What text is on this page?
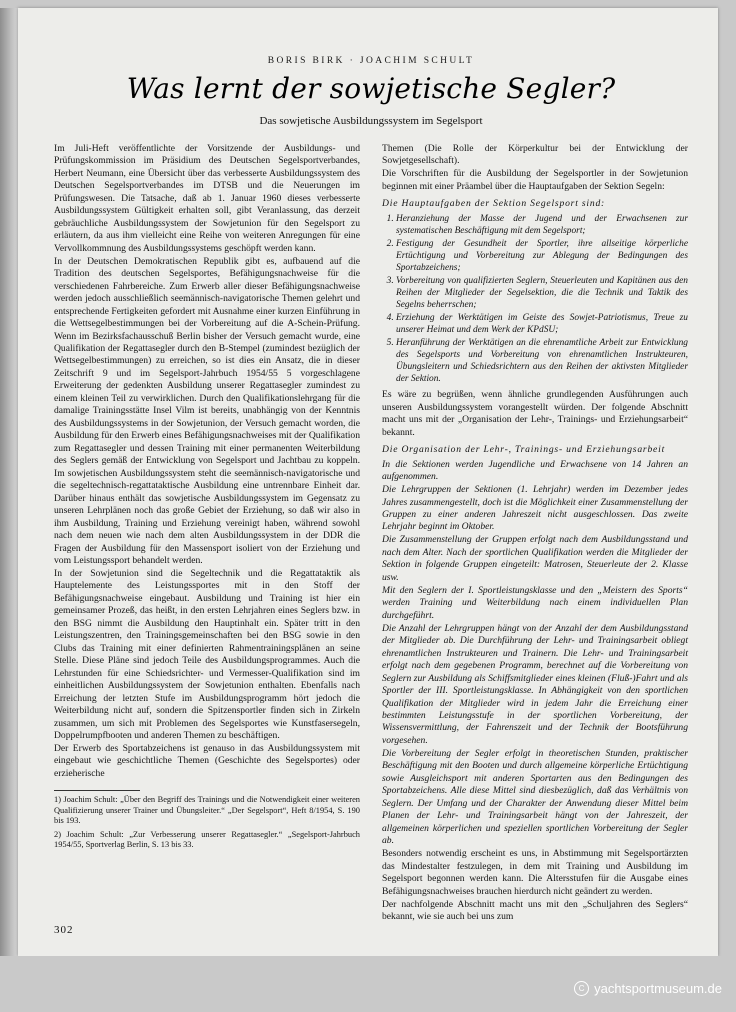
BORIS BIRK · JOACHIM SCHULT
Was lernt der sowjetische Segler?
Das sowjetische Ausbildungssystem im Segelsport

Im Juli-Heft veröffentlichte der Vorsitzende der Ausbildungs- und Prüfungskommission im Präsidium des Deutschen Segelsportverbandes, Herbert Neumann, eine Übersicht über das verbesserte Ausbildungssystem des Deutschen Segelsportverbandes im DTSB und die Neuerungen im Prüfungswesen. Die Tatsache, daß ab 1. Januar 1960 dieses verbesserte Ausbildungssystem Gültigkeit erhalten soll, gibt Veranlassung, das derzeit gebräuchliche Ausbildungssystem der Sowjetunion für den Segelsport zu erläutern, da aus ihm vielleicht eine Reihe von weiteren Anregungen für eine Vervollkommnung des Ausbildungssystems geschöpft werden kann.

In der Deutschen Demokratischen Republik gibt es, aufbauend auf die Tradition des deutschen Segelsportes, Befähigungsnachweise für die verschiedenen Fahrbereiche. Zum Erwerb aller dieser Befähigungsnachweise werden jedoch ausschließlich seemännisch-navigatorische Themen gelehrt und entsprechende Fertigkeiten gefordert mit Ausnahme einer kurzen Einführung in die Wettsegelbestimmungen bei der Vorbereitung auf die A-Schein-Prüfung. Wenn im Bezirksfachausschuß Berlin bisher der Versuch gemacht wurde, eine Qualifikation der Regattasegler durch den B-Stempel (zumindest bezüglich der Wettsegelbestimmungen) zu erreichen, so ist dies ein Ansatz, die in dieser Zeitschrift 9 und im Segelsport-Jahrbuch 1954/55 5 vorgeschlagene Erweiterung der gedenkten Ausbildung unserer Regattasegler zumindest zu einem kleinen Teil zu verwirklichen. Durch den Qualifikationslehrgang für die damalige Trainingsstätte Insel Vilm ist bereits, unabhängig von der Kenntnis des Ausbildungssystems in der Sowjetunion, der Versuch gemacht worden, die Ausbildung für den Erwerb eines Befähigungsnachweises mit der Qualifikation zum Regattasegler und dessen Training mit einer permanenten Weiterbildung des Seglers gemäß der Entwicklung von Segelsport und Jachtbau zu koppeln. Im sowjetischen Ausbildungssystem steht die seemännisch-navigatorische und die segeltechnisch-regattataktische Ausbildung eine untrennbare Einheit dar. Darüber hinaus enthält das sowjetische Ausbildungssystem im Gegensatz zu unseren Lehrplänen noch das große Gebiet der Erziehung, so daß wir also in ihm Ausbildung, Training und Erziehung vereinigt haben, während sowohl nach dem neuen wie nach dem alten Ausbildungssystem in der DDR die Fragen der Ausbildung für den Massensport isoliert von der Erziehung und vom Leistungssport behandelt werden.

In der Sowjetunion sind die Segeltechnik und die Regattataktik als Hauptelemente des Leistungssportes mit in den Stoff der Befähigungsnachweise eingebaut. Ausbildung und Training ist hier ein gemeinsamer Prozeß, das heißt, in den ersten Lehrjahren eines Seglers bzw. in den BSG nimmt die Ausbildung den Hauptinhalt ein. Später tritt in den Leistungszentren, den Trainingsgemeinschaften bei den BSG sowie in den Clubs das Training mit einer definierten Rahmentrainingsplänen an seine Stelle. Diese Pläne sind jedoch Teile des Ausbildungsprogrammes. Auch die Lehrstunden für eine Schiedsrichter- und Vermesser-Qualifikation sind im einheitlichen Ausbildungssystem der Sowjetunion enthalten. Ebenfalls nach Erreichung der letzten Stufe im Ausbildungsprogramm hört jedoch die Weiterbildung nicht auf, sondern die Spitzensportler finden sich in Zirkeln zusammen, um sich mit Problemen des Segelsportes wie Kunstfasersegeln, Doppelrumpfbooten und anderen Themen zu beschäftigen.

Der Erwerb des Sportabzeichens ist genauso in das Ausbildungssystem mit eingebaut wie geschichtliche Themen (Geschichte des Segelsportes) oder erzieherische

1) Joachim Schult: „Über den Begriff des Trainings und die Notwendigkeit einer weiteren Qualifizierung unserer Trainer und Übungsleiter.“ „Der Segelsport“, Heft 8/1954, S. 190 bis 193.

2) Joachim Schult: „Zur Verbesserung unserer Regattasegler.“ „Segelsport-Jahrbuch 1954/55, Sportverlag Berlin, S. 13 bis 33.

Themen (Die Rolle der Körperkultur bei der Entwicklung der Sowjetgesellschaft).

Die Vorschriften für die Ausbildung der Segelsportler in der Sowjetunion beginnen mit einer Präambel über die Hauptaufgaben der Sektion Segeln:

Die Hauptaufgaben der Sektion Segelsport sind:
1. Heranziehung der Masse der Jugend und der Erwachsenen zur systematischen Beschäftigung mit dem Segelsport;
2. Festigung der Gesundheit der Sportler, ihre allseitige körperliche Ertüchtigung und Vorbereitung zur Ablegung der Bedingungen des Sportabzeichens;
3. Vorbereitung von qualifizierten Seglern, Steuerleuten und Kapitänen aus den Reihen der Mitglieder der Segelsektion, die die Technik und Taktik des Segelns beherrschen;
4. Erziehung der Werktätigen im Geiste des Sowjet-Patriotismus, Treue zu unserer Heimat und dem Werk der KPdSU;
5. Heranführung der Werktätigen an die ehrenamtliche Arbeit zur Entwicklung des Segelsports und Vorbereitung von ehrenamtlichen Instrukteuren, Übungsleitern und Schiedsrichtern aus den Reihen der aktivsten Mitglieder der Sektion.

Es wäre zu begrüßen, wenn ähnliche grundlegenden Ausführungen auch unseren Ausbildungssystem vorangestellt würden. Der folgende Abschnitt macht uns mit der „Organisation der Lehr-, Trainings- und Erziehungsarbeit“ bekannt.

Die Organisation der Lehr-, Trainings- und Erziehungsarbeit

In die Sektionen werden Jugendliche und Erwachsene von 14 Jahren an aufgenommen.

Die Lehrgruppen der Sektionen (1. Lehrjahr) werden im Dezember jedes Jahres zusammengestellt, doch ist die Möglichkeit einer Zusammenstellung der Gruppen zu einer anderen Jahreszeit nicht ausgeschlossen. Das zweite Lehrjahr beginnt im Oktober.

Die Zusammenstellung der Gruppen erfolgt nach dem Ausbildungsstand und nach dem Alter. Nach der sportlichen Qualifikation werden die Mitglieder der Sektion in folgende Gruppen eingeteilt: Matrosen, Steuerleute der 2. Klasse usw.

Mit den Seglern der I. Sportleistungsklasse und den „Meistern des Sports“ werden Training und Weiterbildung nach einem individuellen Plan durchgeführt.

Die Anzahl der Lehrgruppen hängt von der Anzahl der dem Ausbildungsstand der Mitglieder ab. Die Durchführung der Lehr- und Trainingsarbeit obliegt ehrenamtlichen Instrukteuren und Trainern. Die Lehr- und Trainingsarbeit erfolgt nach dem gegebenen Programm, berechnet auf die Vorbereitung von Seglern zur Ausbildung als Schiffsmitglieder eines kleinen (Fluß-)Fahrt und als Sportler der III. Sportleistungsklasse. In Abhängigkeit von den sportlichen Qualifikation der Mitglieder wird in jedem Jahr die Erreichung einer bestimmten Leistungsstufe in der sportlichen Vorbereitung, der Wissensvermittlung, der Fahrenszeit und der Technik der Bootsführung vorgesehen.

Die Vorbereitung der Segler erfolgt in theoretischen Stunden, praktischer Beschäftigung mit den Booten und durch allgemeine körperliche Ertüchtigung sowie Ausgleichsport mit anderen Sportarten aus den Bedingungen des Sportabzeichens. Alle diese Mittel sind diesbezüglich, daß das Verhältnis von Seglern. Der Umfang und der Charakter der Anwendung dieser Mittel beim Planen der Lehr- und Trainingsarbeit hängt von der Jahreszeit, der allgemeinen körperlichen und speziellen sportlichen Vorbereitung der Segler ab.

Besonders notwendig erscheint es uns, in Abstimmung mit Segelsportärzten das Mindestalter festzulegen, in dem mit Training und Ausbildung im Segelsport begonnen werden kann. Die Altersstufen für die Ausgabe eines Befähigungsnachweises brauchen hierdurch nicht geändert zu werden.

Der nachfolgende Abschnitt macht uns mit den „Schuljahren des Seglers“ bekannt, wie sie auch bei uns zum

302
C yachtsportmuseum.de
